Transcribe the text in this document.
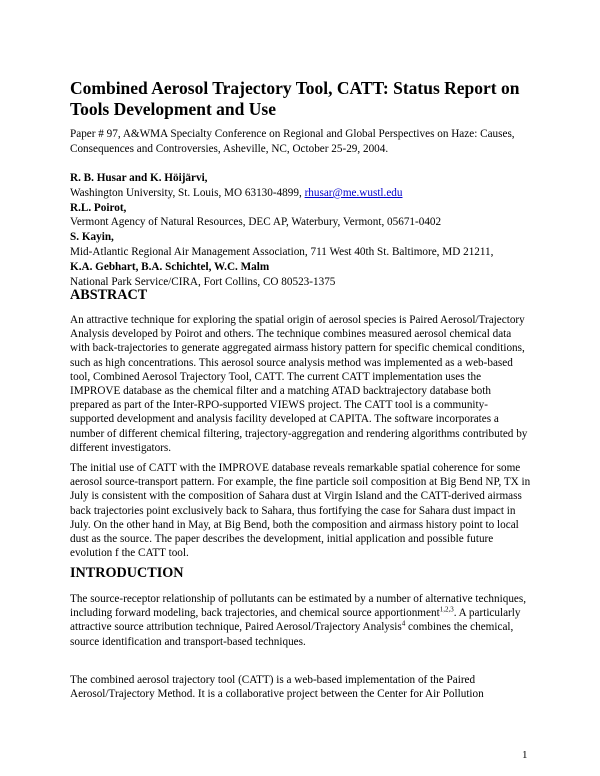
Combined Aerosol Trajectory Tool, CATT: Status Report on Tools Development and Use
Paper # 97, A&WMA Specialty Conference on Regional and Global Perspectives on Haze: Causes, Consequences and Controversies, Asheville, NC, October 25-29, 2004.
R. B. Husar and K. Höijärvi,
Washington University, St. Louis, MO 63130-4899, rhusar@me.wustl.edu
R.L. Poirot,
Vermont Agency of Natural Resources, DEC AP, Waterbury, Vermont, 05671-0402
S. Kayin,
Mid-Atlantic Regional Air Management Association, 711 West 40th St. Baltimore, MD 21211,
K.A. Gebhart, B.A. Schichtel, W.C. Malm
National Park Service/CIRA, Fort Collins, CO 80523-1375
ABSTRACT
An attractive technique for exploring the spatial origin of aerosol species is Paired Aerosol/Trajectory Analysis developed by Poirot and others. The technique combines measured aerosol chemical data with back-trajectories to generate aggregated airmass history pattern for specific chemical conditions, such as high concentrations. This aerosol source analysis method was implemented as a web-based tool, Combined Aerosol Trajectory Tool, CATT. The current CATT implementation uses the IMPROVE database as the chemical filter and a matching ATAD backtrajectory database both prepared as part of the Inter-RPO-supported VIEWS project. The CATT tool is a community-supported development and analysis facility developed at CAPITA. The software incorporates a number of different chemical filtering, trajectory-aggregation and rendering algorithms contributed by different investigators.
The initial use of CATT with the IMPROVE database reveals remarkable spatial coherence for some aerosol source-transport pattern. For example, the fine particle soil composition at Big Bend NP, TX in July is consistent with the composition of Sahara dust at Virgin Island and the CATT-derived airmass back trajectories point exclusively back to Sahara, thus fortifying the case for Sahara dust impact in July. On the other hand in May, at Big Bend, both the composition and airmass history point to local dust as the source. The paper describes the development, initial application and possible future evolution f the CATT tool.
INTRODUCTION
The source-receptor relationship of pollutants can be estimated by a number of alternative techniques, including forward modeling, back trajectories, and chemical source apportionment$^{1,2,3}$. A particularly attractive source attribution technique, Paired Aerosol/Trajectory Analysis$^4$ combines the chemical, source identification and transport-based techniques.
The combined aerosol trajectory tool (CATT) is a web-based implementation of the Paired Aerosol/Trajectory Method. It is a collaborative project between the Center for Air Pollution
1
